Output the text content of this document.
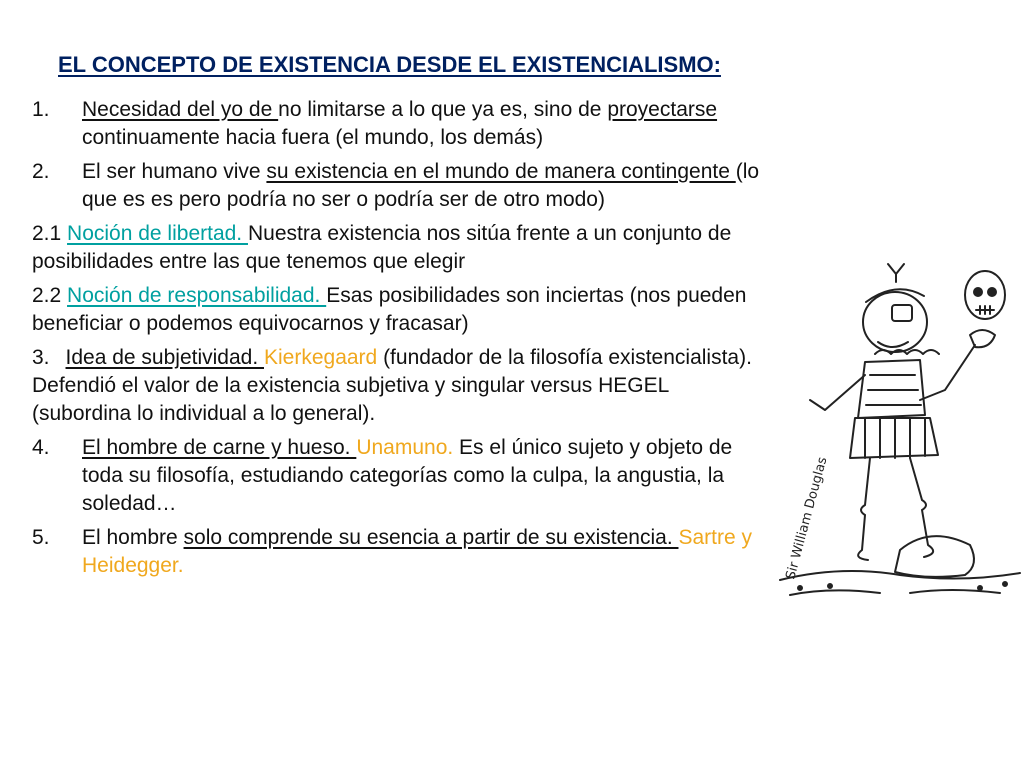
EL CONCEPTO DE EXISTENCIA DESDE EL EXISTENCIALISMO:

1. Necesidad del yo de no limitarse a lo que ya es, sino de proyectarse continuamente hacia fuera (el mundo, los demás)

2. El ser humano vive su existencia en el mundo de manera contingente (lo que es es pero podría no ser o podría ser de otro modo)

2.1 Noción de libertad. Nuestra existencia nos sitúa frente a un conjunto de posibilidades entre las que tenemos que elegir

2.2 Noción de responsabilidad. Esas posibilidades son inciertas (nos pueden beneficiar o podemos equivocarnos y fracasar)

3. Idea de subjetividad. Kierkegaard (fundador de la filosofía existencialista). Defendió el valor de la existencia subjetiva y singular versus HEGEL (subordina lo individual a lo general).

4. El hombre de carne y hueso. Unamuno. Es el único sujeto y objeto de toda su filosofía, estudiando categorías como la culpa, la angustia, la soledad…

5. El hombre solo comprende su esencia a partir de su existencia. Sartre y Heidegger.	Sir William Douglas
